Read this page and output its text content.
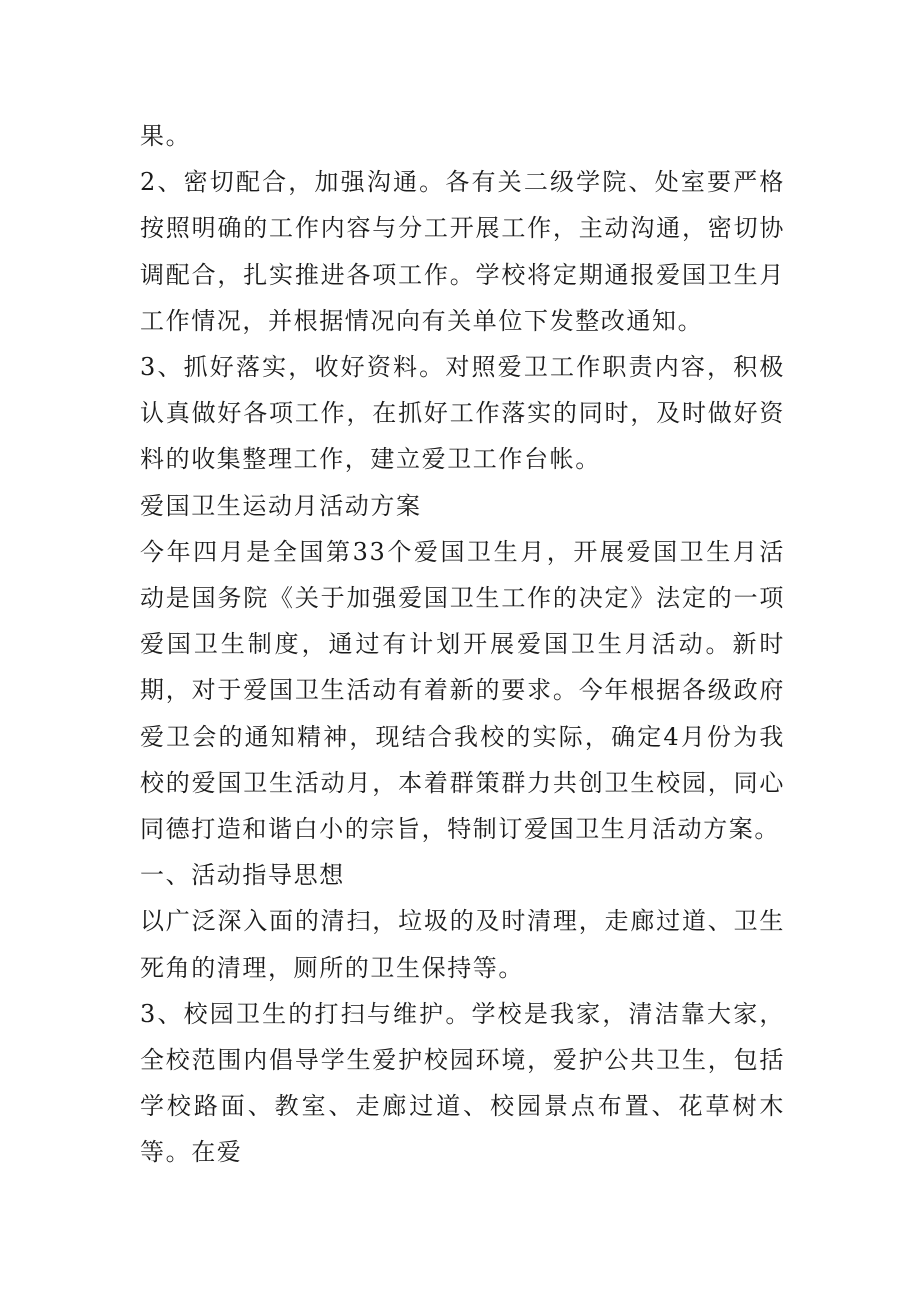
果。

2、密切配合，加强沟通。各有关二级学院、处室要严格按照明确的工作内容与分工开展工作，主动沟通，密切协调配合，扎实推进各项工作。学校将定期通报爱国卫生月工作情况，并根据情况向有关单位下发整改通知。

3、抓好落实，收好资料。对照爱卫工作职责内容，积极认真做好各项工作，在抓好工作落实的同时，及时做好资料的收集整理工作，建立爱卫工作台帐。

爱国卫生运动月活动方案

今年四月是全国第33个爱国卫生月，开展爱国卫生月活动是国务院《关于加强爱国卫生工作的决定》法定的一项爱国卫生制度，通过有计划开展爱国卫生月活动。新时期，对于爱国卫生活动有着新的要求。今年根据各级政府爱卫会的通知精神，现结合我校的实际，确定4月份为我校的爱国卫生活动月，本着群策群力共创卫生校园，同心同德打造和谐白小的宗旨，特制订爱国卫生月活动方案。

一、活动指导思想

以广泛深入面的清扫，垃圾的及时清理，走廊过道、卫生死角的清理，厕所的卫生保持等。

3、校园卫生的打扫与维护。学校是我家，清洁靠大家，全校范围内倡导学生爱护校园环境，爱护公共卫生，包括学校路面、教室、走廊过道、校园景点布置、花草树木等。在爱
